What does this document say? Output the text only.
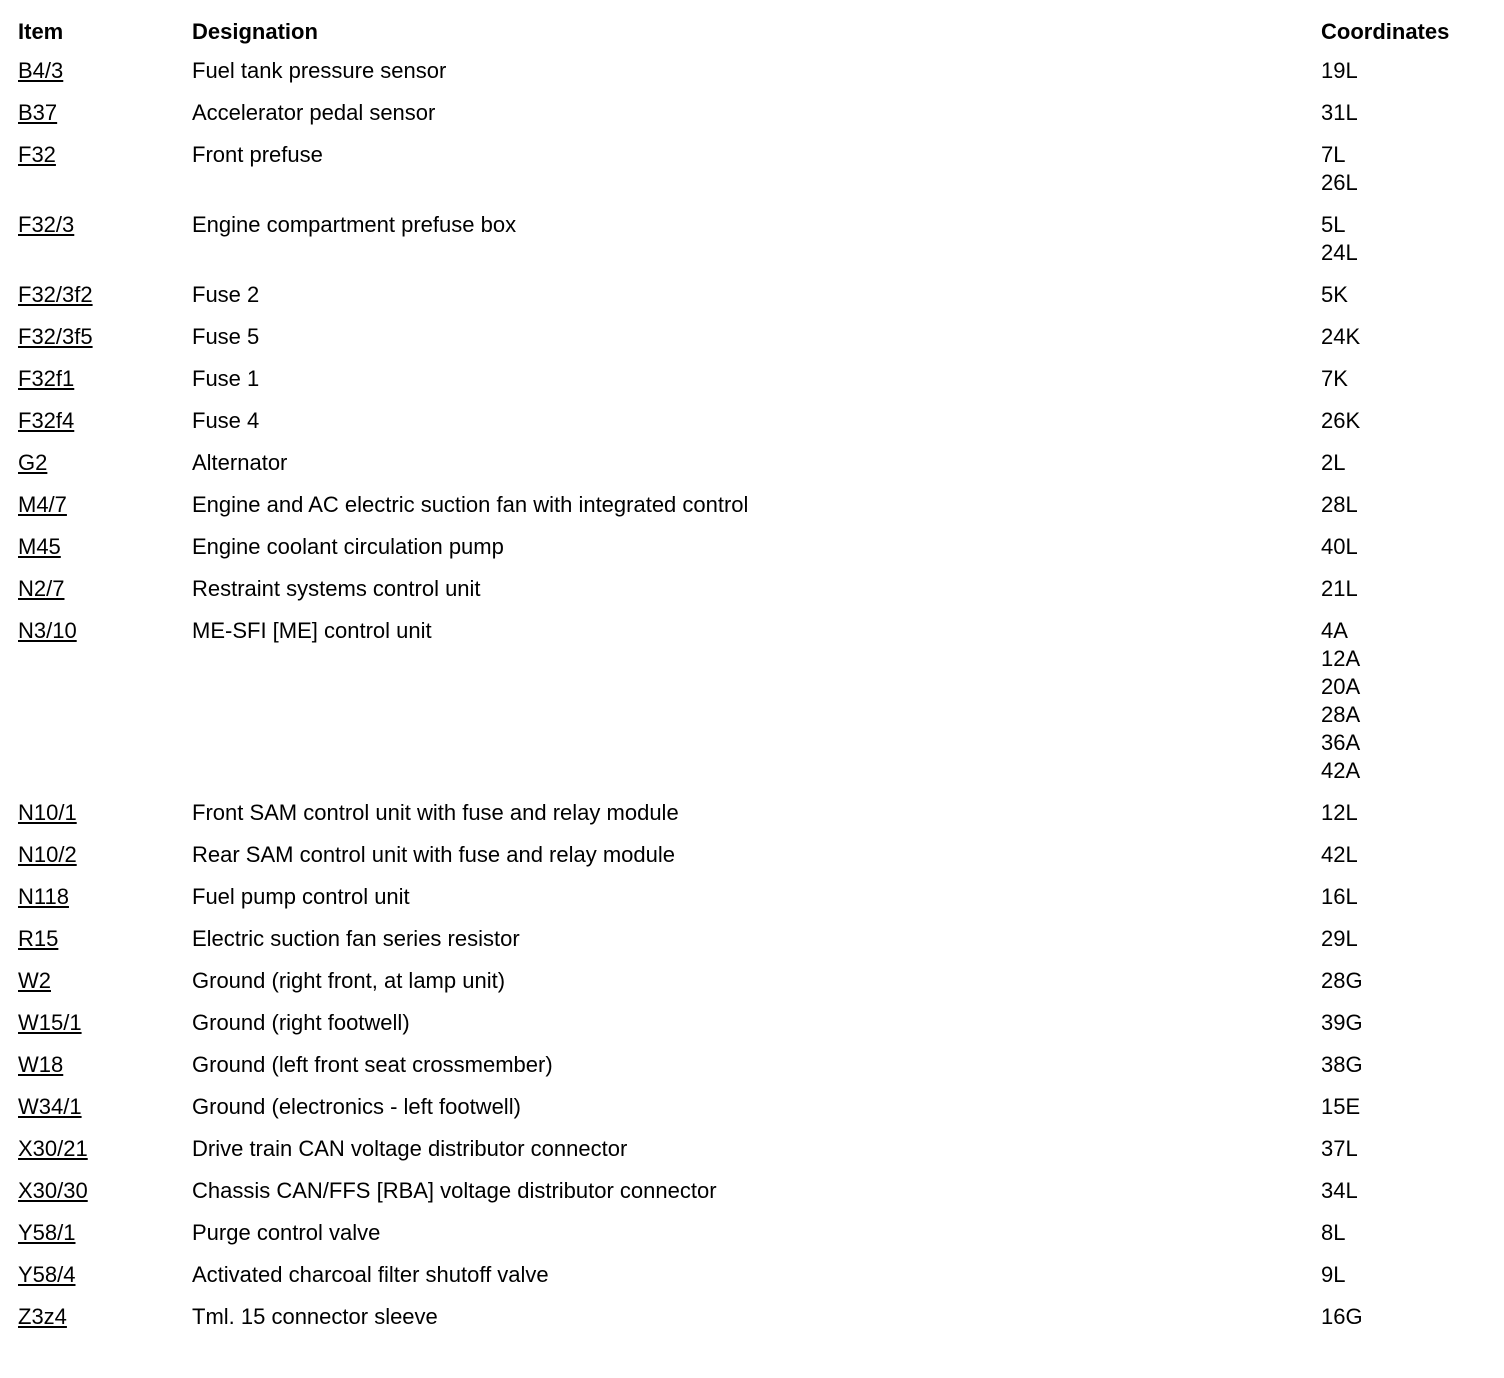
Item	Designation	Coordinates
B4/3	Fuel tank pressure sensor	19L
B37	Accelerator pedal sensor	31L
F32	Front prefuse	7L
26L
F32/3	Engine compartment prefuse box	5L
24L
F32/3f2	Fuse 2	5K
F32/3f5	Fuse 5	24K
F32f1	Fuse 1	7K
F32f4	Fuse 4	26K
G2	Alternator	2L
M4/7	Engine and AC electric suction fan with integrated control	28L
M45	Engine coolant circulation pump	40L
N2/7	Restraint systems control unit	21L
N3/10	ME-SFI [ME] control unit	4A
12A
20A
28A
36A
42A
N10/1	Front SAM control unit with fuse and relay module	12L
N10/2	Rear SAM control unit with fuse and relay module	42L
N118	Fuel pump control unit	16L
R15	Electric suction fan series resistor	29L
W2	Ground (right front, at lamp unit)	28G
W15/1	Ground (right footwell)	39G
W18	Ground (left front seat crossmember)	38G
W34/1	Ground (electronics - left footwell)	15E
X30/21	Drive train CAN voltage distributor connector	37L
X30/30	Chassis CAN/FFS [RBA] voltage distributor connector	34L
Y58/1	Purge control valve	8L
Y58/4	Activated charcoal filter shutoff valve	9L
Z3z4	Tml. 15 connector sleeve	16G
